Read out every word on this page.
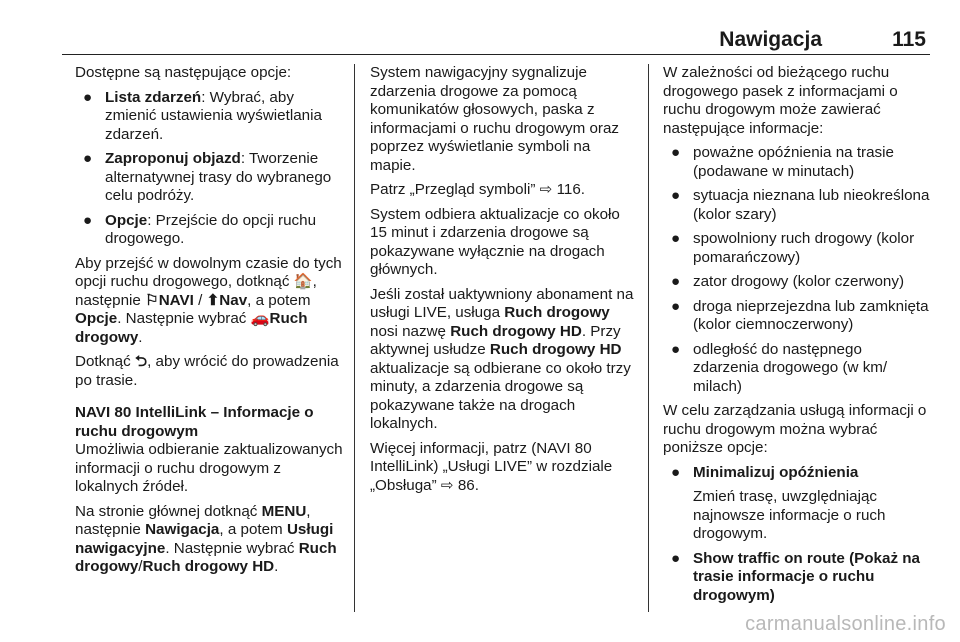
Nawigacja	115

Dostępne są następujące opcje:

● Lista zdarzeń: Wybrać, aby zmienić ustawienia wyświetlania zdarzeń.
● Zaproponuj objazd: Tworzenie alternatywnej trasy do wybranego celu podróży.
● Opcje: Przejście do opcji ruchu drogowego.

Aby przejść w dowolnym czasie do tych opcji ruchu drogowego, dotknąć 🏠, następnie ⚐NAVI / ⬆Nav, a potem Opcje. Następnie wybrać 🚗Ruch drogowy.

Dotknąć ⮌, aby wrócić do prowadzenia po trasie.

NAVI 80 IntelliLink – Informacje o ruchu drogowym

Umożliwia odbieranie zaktualizowanych informacji o ruchu drogowym z lokalnych źródeł.

Na stronie głównej dotknąć MENU, następnie Nawigacja, a potem Usługi nawigacyjne. Następnie wybrać Ruch drogowy/Ruch drogowy HD.

System nawigacyjny sygnalizuje zdarzenia drogowe za pomocą komunikatów głosowych, paska z informacjami o ruchu drogowym oraz poprzez wyświetlanie symboli na mapie.

Patrz „Przegląd symboli” ⇨ 116.

System odbiera aktualizacje co około 15 minut i zdarzenia drogowe są pokazywane wyłącznie na drogach głównych.

Jeśli został uaktywniony abonament na usługi LIVE, usługa Ruch drogowy nosi nazwę Ruch drogowy HD. Przy aktywnej usłudze Ruch drogowy HD aktualizacje są odbierane co około trzy minuty, a zdarzenia drogowe są pokazywane także na drogach lokalnych.

Więcej informacji, patrz (NAVI 80 IntelliLink) „Usługi LIVE” w rozdziale „Obsługa” ⇨ 86.

W zależności od bieżącego ruchu drogowego pasek z informacjami o ruchu drogowym może zawierać następujące informacje:

● poważne opóźnienia na trasie (podawane w minutach)
● sytuacja nieznana lub nieokreślona (kolor szary)
● spowolniony ruch drogowy (kolor pomarańczowy)
● zator drogowy (kolor czerwony)
● droga nieprzejezdna lub zamknięta (kolor ciemnoczerwony)
● odległość do następnego zdarzenia drogowego (w km/ milach)

W celu zarządzania usługą informacji o ruchu drogowym można wybrać poniższe opcje:

● Minimalizuj opóźnienia

Zmień trasę, uwzględniając najnowsze informacje o ruch drogowym.

● Show traffic on route (Pokaż na trasie informacje o ruchu drogowym)
carmanualsonline.info
